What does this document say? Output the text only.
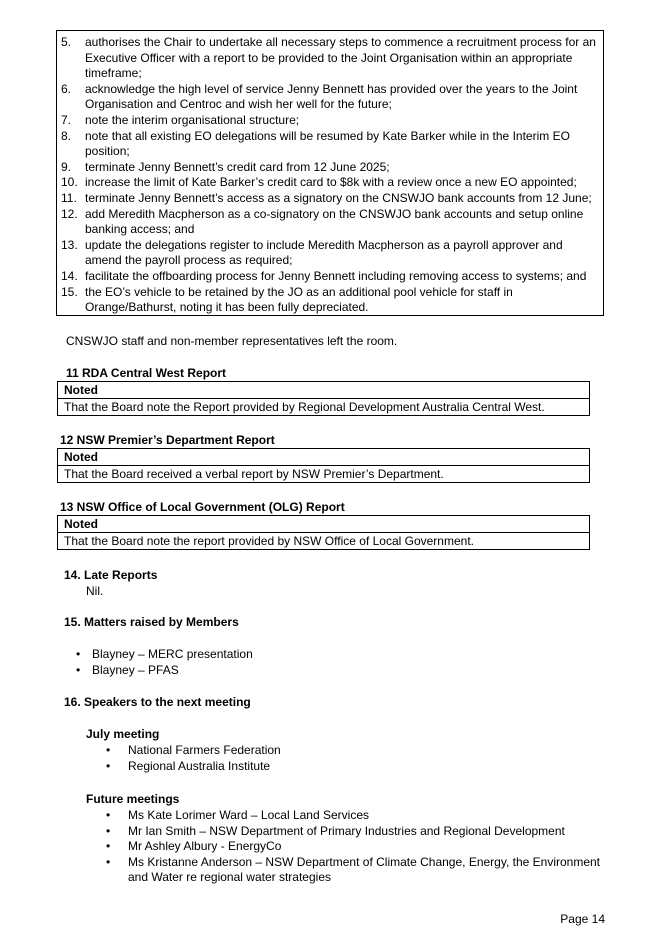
5.	authorises the Chair to undertake all necessary steps to commence a recruitment process for an Executive Officer with a report to be provided to the Joint Organisation within an appropriate timeframe;
6.	acknowledge the high level of service Jenny Bennett has provided over the years to the Joint Organisation and Centroc and wish her well for the future;
7.	note the interim organisational structure;
8.	note that all existing EO delegations will be resumed by Kate Barker while in the Interim EO position;
9.	terminate Jenny Bennett’s credit card from 12 June 2025;
10. increase the limit of Kate Barker’s credit card to $8k with a review once a new EO appointed;
11. terminate Jenny Bennett’s access as a signatory on the CNSWJO bank accounts from 12 June;
12. add Meredith Macpherson as a co-signatory on the CNSWJO bank accounts and setup online banking access; and
13. update the delegations register to include Meredith Macpherson as a payroll approver and amend the payroll process as required;
14. facilitate the offboarding process for Jenny Bennett including removing access to systems; and
15. the EO’s vehicle to be retained by the JO as an additional pool vehicle for staff in Orange/Bathurst, noting it has been fully depreciated.
CNSWJO staff and non-member representatives left the room.
11 RDA Central West Report
Noted
That the Board note the Report provided by Regional Development Australia Central West.
12 NSW Premier’s Department Report
Noted
That the Board received a verbal report by NSW Premier’s Department.
13 NSW Office of Local Government (OLG) Report
Noted
That the Board note the report provided by NSW Office of Local Government.
14. Late Reports
Nil.
15. Matters raised by Members
• Blayney – MERC presentation
• Blayney – PFAS
16. Speakers to the next meeting
July meeting
• National Farmers Federation
• Regional Australia Institute
Future meetings
• Ms Kate Lorimer Ward – Local Land Services
• Mr Ian Smith – NSW Department of Primary Industries and Regional Development
• Mr Ashley Albury - EnergyCo
• Ms Kristanne Anderson – NSW Department of Climate Change, Energy, the Environment and Water re regional water strategies
Page 14
